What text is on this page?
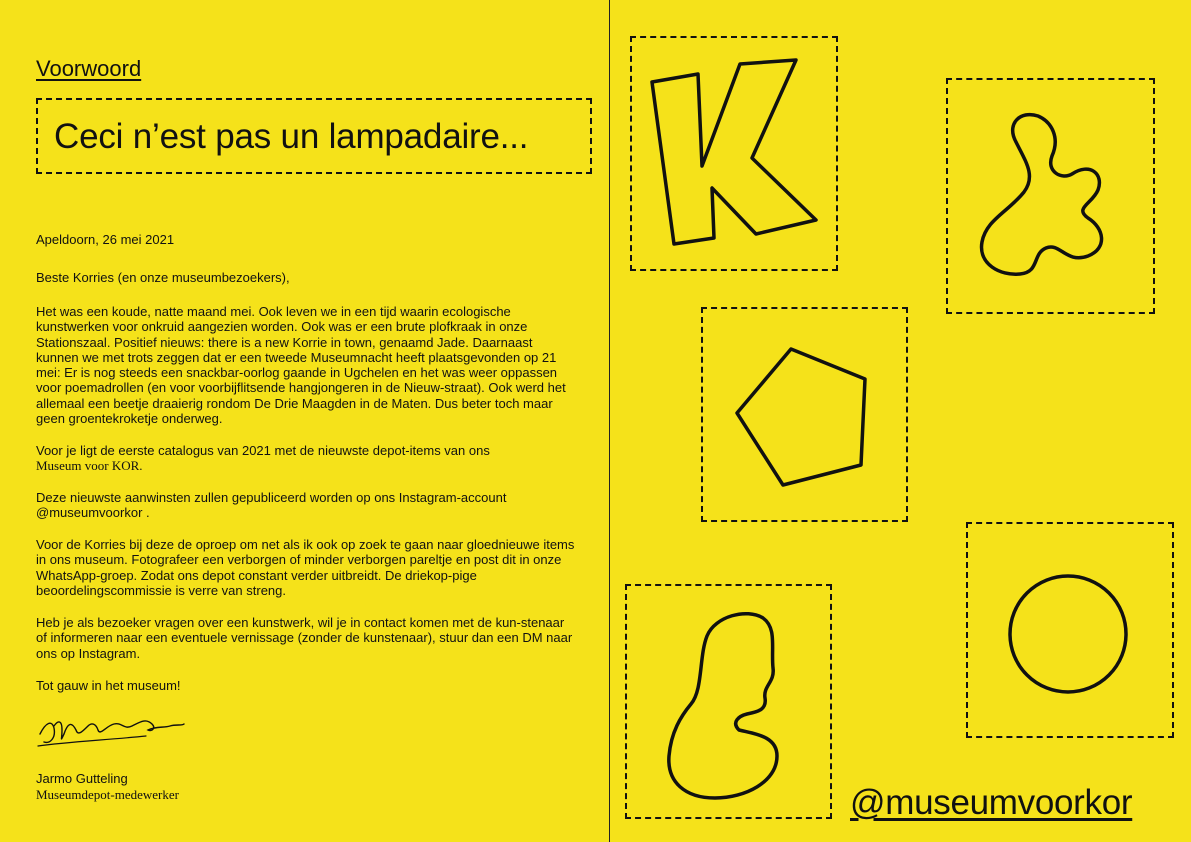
Voorwoord
Ceci n’est pas un lampadaire...

Apeldoorn, 26 mei 2021

Beste Korries (en onze museumbezoekers),

Het was een koude, natte maand mei. Ook leven we in een tijd waarin ecologische kunstwerken voor onkruid aangezien worden. Ook was er een brute plofkraak in onze Stationszaal. Positief nieuws: there is a new Korrie in town, genaamd Jade. Daarnaast kunnen we met trots zeggen dat er een tweede Museumnacht heeft plaatsgevonden op 21 mei: Er is nog steeds een snackbar-oorlog gaande in Ugchelen en het was weer oppassen voor poemadrollen (en voor voorbijflitsende hangjongeren in de Nieuw-straat). Ook werd het allemaal een beetje draaierig rondom De Drie Maagden in de Maten. Dus beter toch maar geen groentekroketje onderweg.

Voor je ligt de eerste catalogus van 2021 met de nieuwste depot-items van ons
Museum voor KOR.

Deze nieuwste aanwinsten zullen gepubliceerd worden op ons Instagram-account
@museumvoorkor .

Voor de Korries bij deze de oproep om net als ik ook op zoek te gaan naar gloednieuwe items in ons museum. Fotografeer een verborgen of minder verborgen pareltje en post dit in onze WhatsApp-groep. Zodat ons depot constant verder uitbreidt. De driekop-pige beoordelingscommissie is verre van streng.

Heb je als bezoeker vragen over een kunstwerk, wil je in contact komen met de kun-stenaar of informeren naar een eventuele vernissage (zonder de kunstenaar), stuur dan een DM naar ons op Instagram.

Tot gauw in het museum!

Jarmo Gutteling
Museumdepot-medewerker	@museumvoorkor
